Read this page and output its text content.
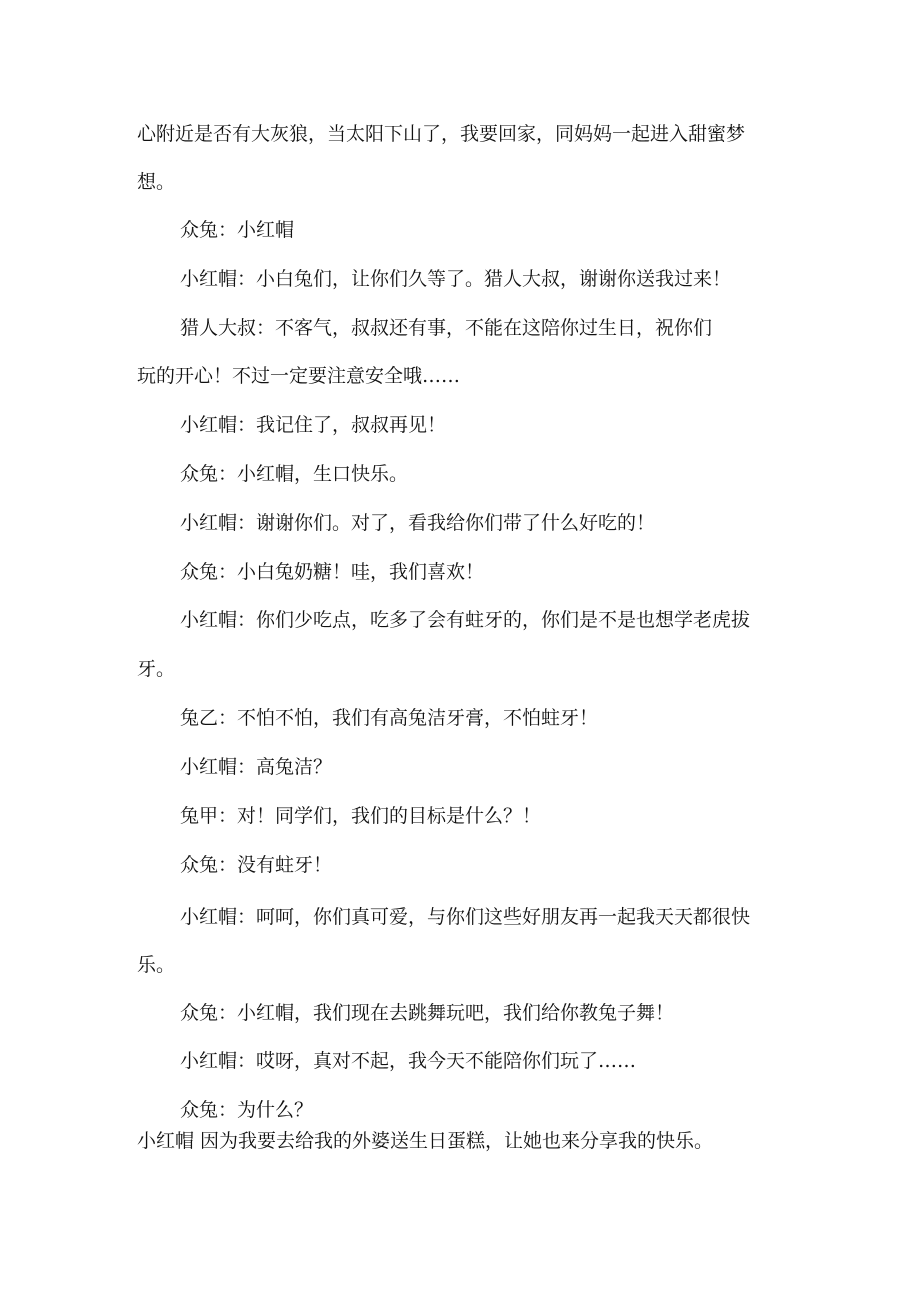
心附近是否有大灰狼，当太阳下山了，我要回家，同妈妈一起进入甜蜜梦

想。

众兔：小红帽

小红帽：小白兔们，让你们久等了。猎人大叔，谢谢你送我过来！

猎人大叔：不客气，叔叔还有事，不能在这陪你过生日，祝你们

玩的开心！不过一定要注意安全哦……

小红帽：我记住了，叔叔再见！

众兔：小红帽，生口快乐。

小红帽：谢谢你们。对了，看我给你们带了什么好吃的！

众兔：小白兔奶糖！哇，我们喜欢！

小红帽：你们少吃点，吃多了会有蛀牙的，你们是不是也想学老虎拔

牙。

兔乙：不怕不怕，我们有高兔洁牙膏，不怕蛀牙！

小红帽：高兔洁？

兔甲：对！同学们，我们的目标是什么？！

众兔：没有蛀牙！

小红帽：呵呵，你们真可爱，与你们这些好朋友再一起我天天都很快

乐。

众兔：小红帽，我们现在去跳舞玩吧，我们给你教兔子舞！

小红帽：哎呀，真对不起，我今天不能陪你们玩了……

众兔：为什么？

小红帽 因为我要去给我的外婆送生日蛋糕，让她也来分享我的快乐。
